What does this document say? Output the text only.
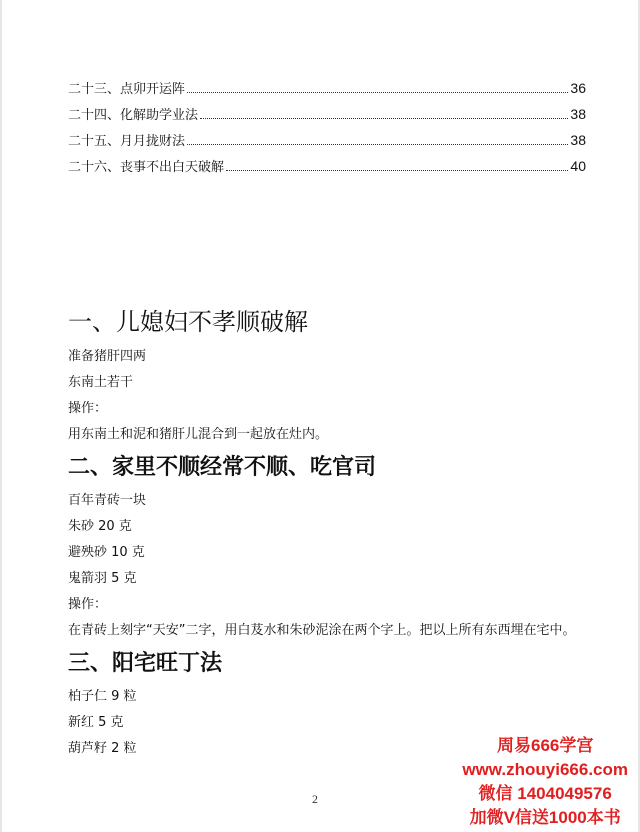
二十三、点卯开运阵	36
二十四、化解助学业法	38
二十五、月月拢财法	38
二十六、丧事不出白天破解	40
一、儿媳妇不孝顺破解
准备猪肝四两
东南土若干
操作：
用东南土和泥和猪肝儿混合到一起放在灶内。
二、家里不顺经常不顺、吃官司
百年青砖一块
朱砂 20 克
避殃砂 10 克
鬼箭羽 5 克
操作：

在青砖上刻字“天安”二字，用白芨水和朱砂泥涂在两个字上。把以上所有东西埋在宅中。

三、阳宅旺丁法
柏子仁 9 粒
新红 5 克
葫芦籽 2 粒
2
周易666学宫
www.zhouyi666.com
微信 1404049576
加微V信送1000本书
